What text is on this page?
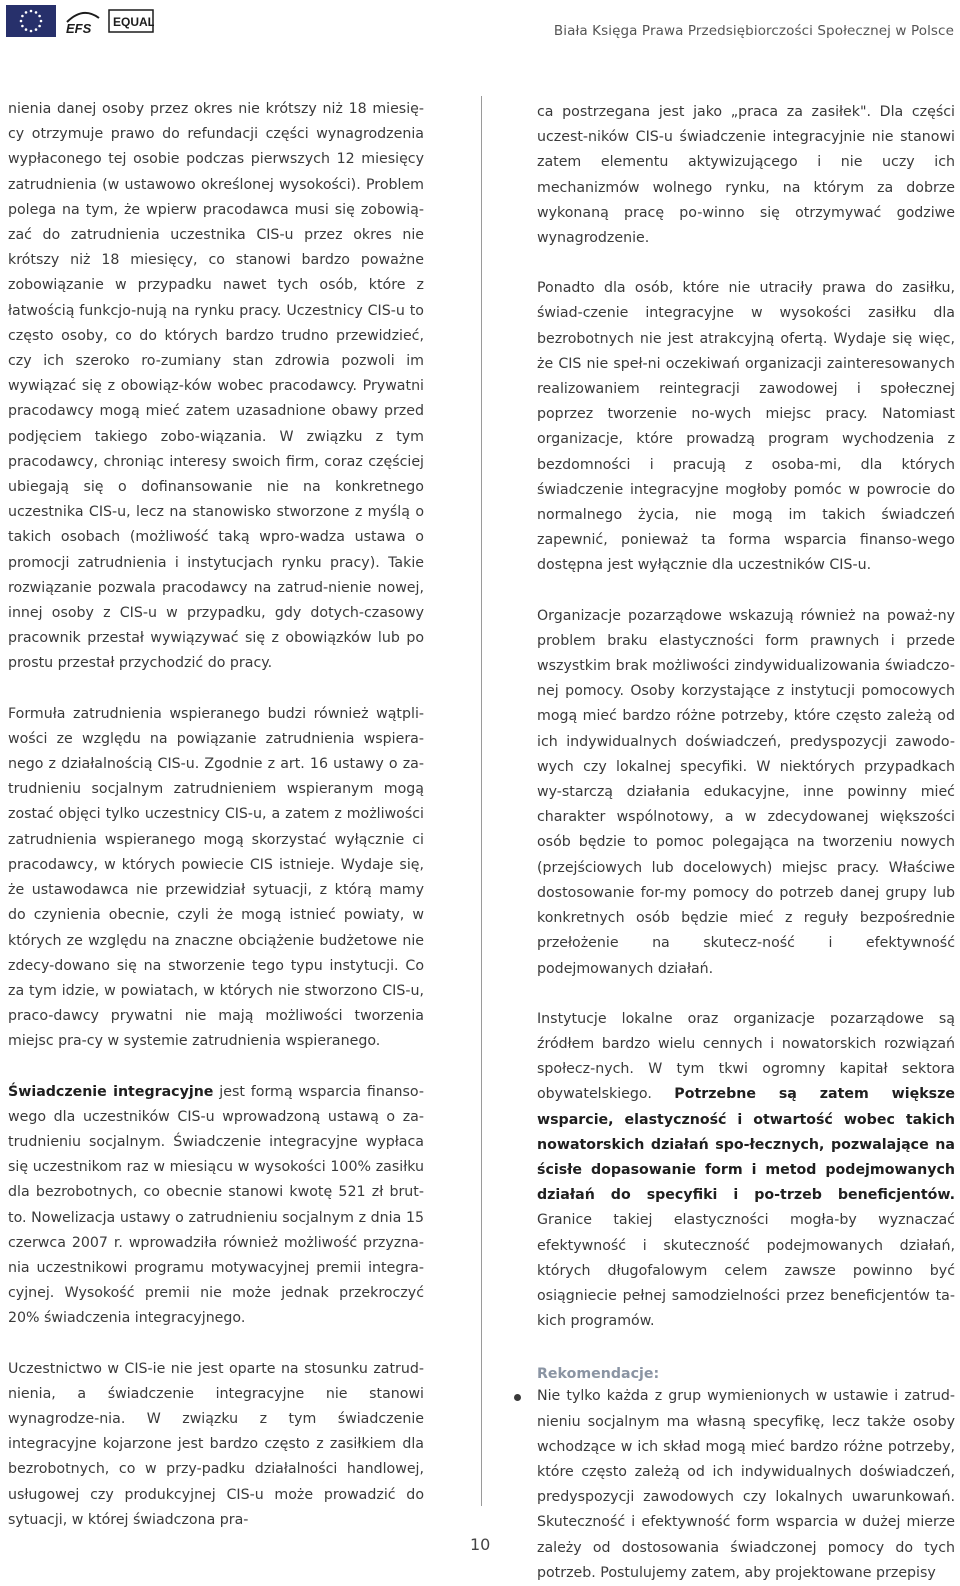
EFS EQUAL
Biała Księga Prawa Przedsiębiorczości Społecznej w Polsce

nienia danej osoby przez okres nie krótszy niż 18 miesię-cy otrzymuje prawo do refundacji części wynagrodzenia wypłaconego tej osobie podczas pierwszych 12 miesięcy zatrudnienia (w ustawowo określonej wysokości). Problem polega na tym, że wpierw pracodawca musi się zobowią-zać do zatrudnienia uczestnika CIS-u przez okres nie krótszy niż 18 miesięcy, co stanowi bardzo poważne zobowiązanie w przypadku nawet tych osób, które z łatwością funkcjo-nują na rynku pracy. Uczestnicy CIS-u to często osoby, co do których bardzo trudno przewidzieć, czy ich szeroko ro-zumiany stan zdrowia pozwoli im wywiązać się z obowiąz-ków wobec pracodawcy. Prywatni pracodawcy mogą mieć zatem uzasadnione obawy przed podjęciem takiego zobo-wiązania. W związku z tym pracodawcy, chroniąc interesy swoich firm, coraz częściej ubiegają się o dofinansowanie nie na konkretnego uczestnika CIS-u, lecz na stanowisko stworzone z myślą o takich osobach (możliwość taką wpro-wadza ustawa o promocji zatrudnienia i instytucjach rynku pracy). Takie rozwiązanie pozwala pracodawcy na zatrud-nienie nowej, innej osoby z CIS-u w przypadku, gdy dotych-czasowy pracownik przestał wywiązywać się z obowiązków lub po prostu przestał przychodzić do pracy.

Formuła zatrudnienia wspieranego budzi również wątpli-wości ze względu na powiązanie zatrudnienia wspiera-nego z działalnością CIS-u. Zgodnie z art. 16 ustawy o za-trudnieniu socjalnym zatrudnieniem wspieranym mogą zostać objęci tylko uczestnicy CIS-u, a zatem z możliwości zatrudnienia wspieranego mogą skorzystać wyłącznie ci pracodawcy, w których powiecie CIS istnieje. Wydaje się, że ustawodawca nie przewidział sytuacji, z którą mamy do czynienia obecnie, czyli że mogą istnieć powiaty, w których ze względu na znaczne obciążenie budżetowe nie zdecy-dowano się na stworzenie tego typu instytucji. Co za tym idzie, w powiatach, w których nie stworzono CIS-u, praco-dawcy prywatni nie mają możliwości tworzenia miejsc pra-cy w systemie zatrudnienia wspieranego.

Świadczenie integracyjne jest formą wsparcia finanso-wego dla uczestników CIS-u wprowadzoną ustawą o za-trudnieniu socjalnym. Świadczenie integracyjne wypłaca się uczestnikom raz w miesiącu w wysokości 100% zasiłku dla bezrobotnych, co obecnie stanowi kwotę 521 zł brut-to. Nowelizacja ustawy o zatrudnieniu socjalnym z dnia 15 czerwca 2007 r. wprowadziła również możliwość przyzna-nia uczestnikowi programu motywacyjnej premii integra-cyjnej. Wysokość premii nie może jednak przekroczyć 20% świadczenia integracyjnego.

Uczestnictwo w CIS-ie nie jest oparte na stosunku zatrud-nienia, a świadczenie integracyjne nie stanowi wynagrodze-nia. W związku z tym świadczenie integracyjne kojarzone jest bardzo często z zasiłkiem dla bezrobotnych, co w przy-padku działalności handlowej, usługowej czy produkcyjnej CIS-u może prowadzić do sytuacji, w której świadczona pra-

ca postrzegana jest jako „praca za zasiłek". Dla części uczest-ników CIS-u świadczenie integracyjnie nie stanowi zatem elementu aktywizującego i nie uczy ich mechanizmów wolnego rynku, na którym za dobrze wykonaną pracę po-winno się otrzymywać godziwe wynagrodzenie.

Ponadto dla osób, które nie utraciły prawa do zasiłku, świad-czenie integracyjne w wysokości zasiłku dla bezrobotnych nie jest atrakcyjną ofertą. Wydaje się więc, że CIS nie speł-ni oczekiwań organizacji zainteresowanych realizowaniem reintegracji zawodowej i społecznej poprzez tworzenie no-wych miejsc pracy. Natomiast organizacje, które prowadzą program wychodzenia z bezdomności i pracują z osoba-mi, dla których świadczenie integracyjne mogłoby pomóc w powrocie do normalnego życia, nie mogą im takich świadczeń zapewnić, ponieważ ta forma wsparcia finanso-wego dostępna jest wyłącznie dla uczestników CIS-u.

Organizacje pozarządowe wskazują również na poważ-ny problem braku elastyczności form prawnych i przede wszystkim brak możliwości zindywidualizowania świadczo-nej pomocy. Osoby korzystające z instytucji pomocowych mogą mieć bardzo różne potrzeby, które często zależą od ich indywidualnych doświadczeń, predyspozycji zawodo-wych czy lokalnej specyfiki. W niektórych przypadkach wy-starczą działania edukacyjne, inne powinny mieć charakter wspólnotowy, a w zdecydowanej większości osób będzie to pomoc polegająca na tworzeniu nowych (przejściowych lub docelowych) miejsc pracy. Właściwe dostosowanie for-my pomocy do potrzeb danej grupy lub konkretnych osób będzie mieć z reguły bezpośrednie przełożenie na skutecz-ność i efektywność podejmowanych działań.

Instytucje lokalne oraz organizacje pozarządowe są źródłem bardzo wielu cennych i nowatorskich rozwiązań społecz-nych. W tym tkwi ogromny kapitał sektora obywatelskiego. Potrzebne są zatem większe wsparcie, elastyczność i otwartość wobec takich nowatorskich działań spo-łecznych, pozwalające na ścisłe dopasowanie form i metod podejmowanych działań do specyfiki i po-trzeb beneficjentów. Granice takiej elastyczności mogła-by wyznaczać efektywność i skuteczność podejmowanych działań, których długofalowym celem zawsze powinno być osiągniecie pełnej samodzielności przez beneficjentów ta-kich programów.

Rekomendacje:
Nie tylko każda z grup wymienionych w ustawie i zatrud-nieniu socjalnym ma własną specyfikę, lecz także osoby wchodzące w ich skład mogą mieć bardzo różne potrzeby, które często zależą od ich indywidualnych doświadczeń, predyspozycji zawodowych czy lokalnych uwarunkowań. Skuteczność i efektywność form wsparcia w dużej mierze zależy od dostosowania świadczonej pomocy do tych potrzeb. Postulujemy zatem, aby projektowane przepisy
10
